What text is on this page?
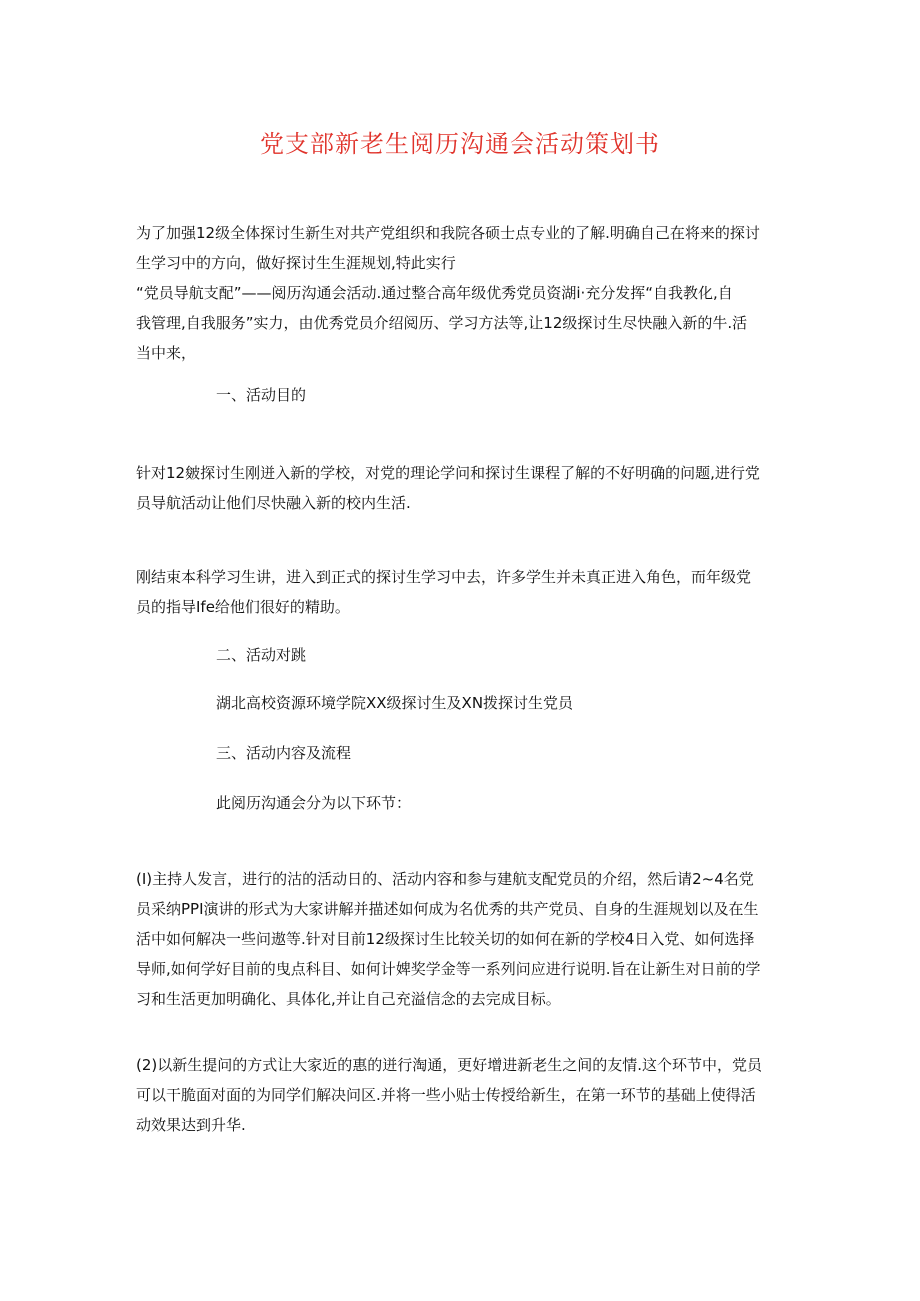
党支部新老生阅历沟通会活动策划书
为了加强12级全体探讨生新生对共产党组织和我院各硕士点专业的了解.明确自己在将来的探讨
生学习中的方向，做好探讨生生涯规划,特此实行
“党员导航支配”——阅历沟通会活动.通过整合高年级优秀党员资湖i·充分发挥“自我教化,自
我管理,自我服务”实力，由优秀党员介绍阅历、学习方法等,让12级探讨生尽快融入新的牛.活
当中来，
一、活动目的
针对12皴探讨生刚迸入新的学校，对党的理论学问和探讨生课程了解的不好明确的问题,进行党
员导航活动让他们尽快融入新的校内生活.
刚结束本科学习生讲，进入到正式的探讨生学习中去，许多学生并未真正进入角色，而年级党
员的指导Ife给他们很好的精助。
二、活动对跳
湖北高校资源环境学院XX级探讨生及XN拨探讨生党员
三、活动内容及流程
此阅历沟通会分为以下环节：
(I)主持人发言，进行的沽的活动日的、活动内容和参与建航支配党员的介绍，然后请2~4名党
员采纳PPI演讲的形式为大家讲解并描述如何成为名优秀的共产党员、自身的生涯规划以及在生
活中如何解决一些问遨等.针对目前12级探讨生比较关切的如何在新的学校4日入党、如何选择
导师,如何学好目前的曳点科目、如何计婢奖学金等一系列问应进行说明.旨在让新生对日前的学
习和生活更加明确化、具体化,并让自己充溢信念的去完成目标。
(2)以新生提问的方式让大家近的惠的迸行淘通，更好增进新老生之间的友情.这个环节中，党员
可以干脆面对面的为同学们解决问区.并将一些小贴士传授给新生，在第一环节的基础上使得活
动效果达到升华.
